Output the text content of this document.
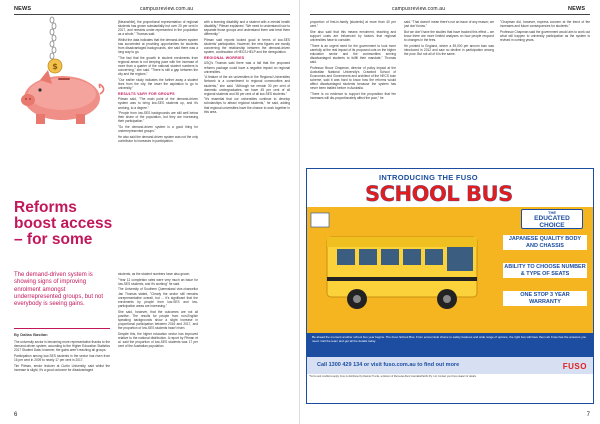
NEWS	campusreview.com.au
$
Reforms boost access – for some
The demand-driven system is showing signs of improving enrolment amongst underrepresented groups, but not everybody is seeing gains.
By Dallas Bastian

The university sector is becoming more representative thanks to the demand-driven system, according to the Higher Education Statistics 2017 Student Data; however, the gains aren't reaching all groups.

Participation among low-SES students in the sector has risen from 16 per cent in 2009 to nearly 17 per cent in 2017.

Tim Pitman, senior lecturer at Curtin University, said whilst the increase is slight, it's a good outcome for disadvantaged

students, as the student numbers have also grown.

"Year 12 completion rates were very much an issue for low-SES students, and it's working" he said.

The University of Southern Queensland vice-chancellor Jan Thomas stated, "Clearly the sector still remains unrepresentative overall, but ... it's significant that the enrolments by people from low-SES and low-participation areas are increasing."

She said, however, that the outcomes are not all positive. The results for people from non-English speaking backgrounds show a slight increase in proportional participation between 2016 and 2017, and the proportion of low-SES students hasn't risen.

Despite this, the higher education sector has improved relative to the national distribution. A report by Pitman et al. said the proportion of low-SES students was 17 per cent of the Australian population.

[Meanwhile], the proportional representation of regional students has grown substantially but over 20 per cent in 2017, and remains under-represented in the population as a whole," Thomas said.

Whilst the data indicates that the demand-driven system has succeeded at providing opportunities for students from disadvantaged backgrounds, she said there was a long way to go.

"The fact that the growth in student enrolments from regional areas is not keeping pace with the increase of more than a quarter of the national student numbers is concerning," she said. "There is still a gap between the city and the regions."

"Our earlier study indicates the further away a student lives from the city, the lower the aspiration to go to university."

RESULTS VARY FOR GROUPS

Pitman said, "The main point of the demand-driven system was to bring low-SES students up, and it's working, to a degree."

"People from low-SES backgrounds are still well below their share of the population, but they are increasing their participation."

"So the demand-driven system is a good thing for underrepresented groups."

He also said the demand-driven system was not the only contributor to increases in participation.

with a learning disability and a student with a mental health disability," Pitman explained. "We need to understand how to separate those groups and understand them and treat them differently."

Pitman said reports looked good in terms of low-SES students' participation. However, the new figures are mostly concerning the relationship between the demand-driven system, continuation of HECS-HELP and the deregulation.

REGIONAL WORRIES

USQ's Thomas said there was a fall that the proposed reforms package could have a negative impact on regional universities.

"A feature of the six universities in the Regional Universities Network is a commitment to regional communities and students," she said. "Although we remain 30 per cent of domestic undergraduates, we have 45 per cent of all regional students and 38 per cent of all low-SES students."

"It's essential that our universities continue to develop scholarships to attract regional students," he said, adding that regional universities have the chance to work together in this area.

6
campusreview.com.au	NEWS

proportion of first-in-family [students] at more than 40 per cent."

She also said that this means enrolment, teaching and support costs are influenced by factors that regional universities have to consider.

"There is an urgent need for the government to look more carefully at the real impact of its proposed cuts on the higher education sector and the communities serving disadvantaged students to fulfill their mandate," Thomas said.

Professor Bruce Chapman, director of policy impact at the Australian National University's Crawford School of Economics and Government and architect of the HECS loan scheme, said it was hard to know how the reforms would affect disadvantaged students because the system has never been trialled before in Australia.

"There is no evidence to support the proposition that fee increases will dis-proportionately affect the poor," he

said. "That doesn't mean there's not an issue of any reason; we just don't know."

But we don't have the studies that have tracked this effect – we know there are more limited analyses on how people respond to changes in the fees.

He pointed to England, where a £9,000 per annum loan was introduced in 2012 and saw no decline in participation among the poor. But not all of it is the same.

"Chapman did, however, express concern at the trend of fee increases and future consequences for students."

Professor Chapman said the government would aim to work out what will happen to university participation as the system is revised in coming years.

INTRODUCING THE FUSO
SCHOOL BUS
THE
EDUCATED CHOICE
JAPANESE QUALITY BODY AND CHASSIS
ABILITY TO CHOOSE NUMBER & TYPE OF SEATS
ONE STOP 3 YEAR WARRANTY
Be ahead the moment another school bus year begins. The Fuso School Bus. From economical choice to safety features and wide range of options, the right bus will have them all. Fuso has the answers you need. Call the team and get all the details today.
Call 1300 429 134 or visit fuso.com.au to find out more	FUSO
*Terms and conditions apply. Fuso is distributed by Daimler Trucks, a division of Mercedes-Benz Australia/Pacific Pty. Ltd. Contact your Fuso dealer for details.
7
